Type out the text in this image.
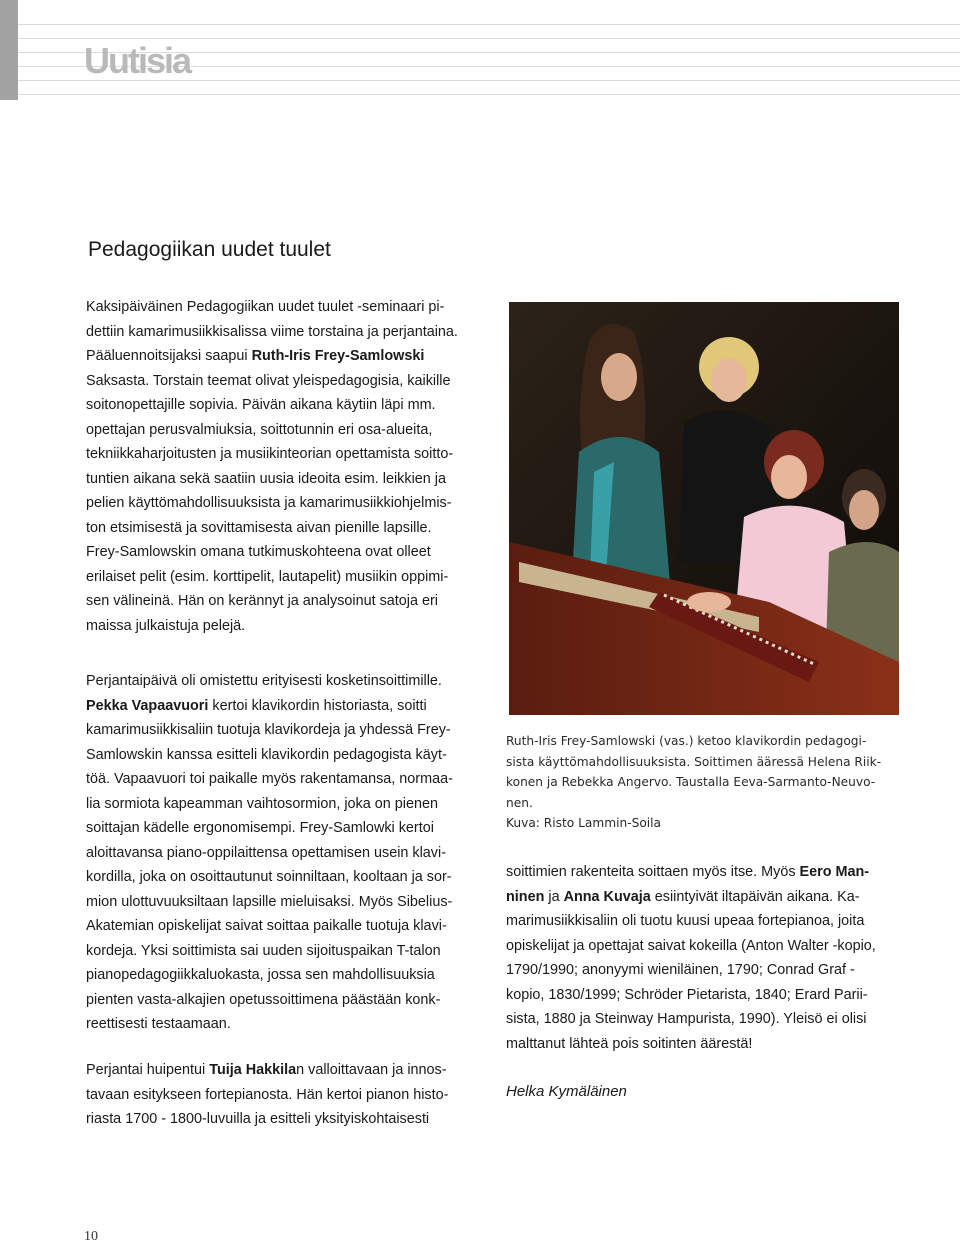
Uutisia
Pedagogiikan uudet tuulet

Kaksipäiväinen Pedagogiikan uudet tuulet -seminaari pi-
dettiin kamarimusiikkisalissa viime torstaina ja perjantaina.
Pääluennoitsijaksi saapui Ruth-Iris Frey-Samlowski
Saksasta. Torstain teemat olivat yleispedagogisia, kaikille
soitonopettajille sopivia. Päivän aikana käytiin läpi mm.
opettajan perusvalmiuksia, soittotunnin eri osa-alueita,
tekniikkaharjoitusten ja musiikinteorian opettamista soitto-
tuntien aikana sekä saatiin uusia ideoita esim. leikkien ja
pelien käyttömahdollisuuksista ja kamarimusiikkiohjelmis-
ton etsimisestä ja sovittamisesta aivan pienille lapsille.
Frey-Samlowskin omana tutkimuskohteena ovat olleet
erilaiset pelit (esim. korttipelit, lautapelit) musiikin oppimi-
sen välineinä. Hän on kerännyt ja analysoinut satoja eri
maissa julkaistuja pelejä.

Perjantaipäivä oli omistettu erityisesti kosketinsoittimille.
Pekka Vapaavuori kertoi klavikordin historiasta, soitti
kamarimusiikkisaliin tuotuja klavikordeja ja yhdessä Frey-
Samlowskin kanssa esitteli klavikordin pedagogista käyt-
töä. Vapaavuori toi paikalle myös rakentamansa, normaa-
lia sormiota kapeamman vaihtosormion, joka on pienen
soittajan kädelle ergonomisempi. Frey-Samlowki kertoi
aloittavansa piano-oppilaittensa opettamisen usein klavi-
kordilla, joka on osoittautunut soinniltaan, kooltaan ja sor-
mion ulottuvuuksiltaan lapsille mieluisaksi. Myös Sibelius-
Akatemian opiskelijat saivat soittaa paikalle tuotuja klavi-
kordeja. Yksi soittimista sai uuden sijoituspaikan T-talon
pianopedagogiikkaluokasta, jossa sen mahdollisuuksia
pienten vasta-alkajien opetussoittimena päästään konk-
reettisesti testaamaan.

Perjantai huipentui Tuija Hakkilan valloittavaan ja innos-
tavaan esitykseen fortepianosta. Hän kertoi pianon histo-
riasta 1700 - 1800-luvuilla ja esitteli yksityiskohtaisesti

Ruth-Iris Frey-Samlowski (vas.) ketoo klavikordin pedagogi-
sista käyttömahdollisuuksista. Soittimen ääressä Helena Riik-
konen ja Rebekka Angervo. Taustalla Eeva-Sarmanto-Neuvo-
nen.
Kuva: Risto Lammin-Soila

soittimien rakenteita soittaen myös itse. Myös Eero Man-
ninen ja Anna Kuvaja esiintyivät iltapäivän aikana. Ka-
marimusiikkisaliin oli tuotu kuusi upeaa fortepianoa, joita
opiskelijat ja opettajat saivat kokeilla (Anton Walter -kopio,
1790/1990; anonyymi wieniläinen, 1790; Conrad Graf -
kopio, 1830/1999; Schröder Pietarista, 1840; Erard Parii-
sista, 1880 ja Steinway Hampurista, 1990). Yleisö ei olisi
malttanut lähteä pois soitinten äärestä!

Helka Kymäläinen

10
